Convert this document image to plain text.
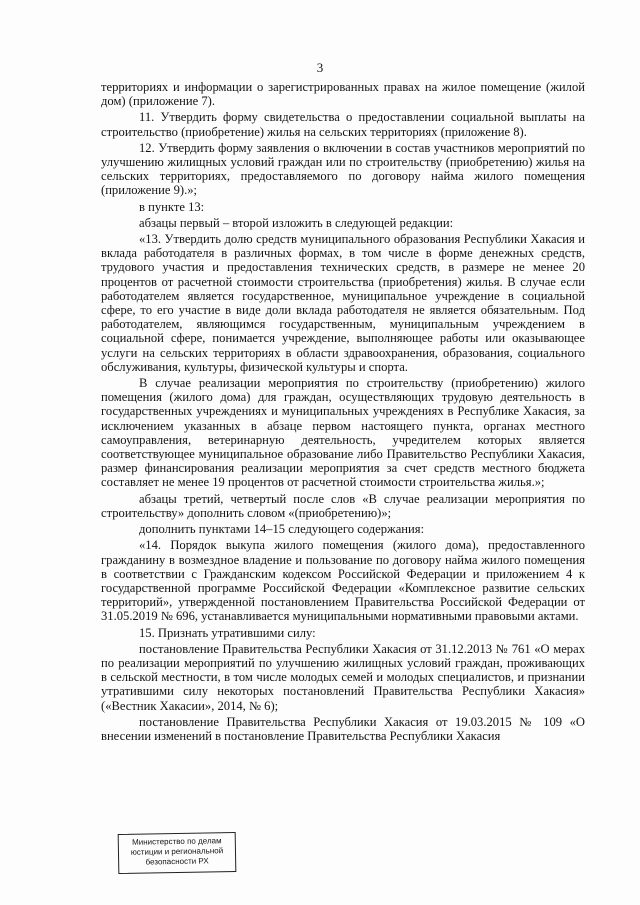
3

территориях и информации о зарегистрированных правах на жилое помещение (жилой дом) (приложение 7).

11. Утвердить форму свидетельства о предоставлении социальной выплаты на строительство (приобретение) жилья на сельских территориях (приложение 8).

12. Утвердить форму заявления о включении в состав участников мероприятий по улучшению жилищных условий граждан или по строительству (приобретению) жилья на сельских территориях, предоставляемого по договору найма жилого помещения (приложение 9).»;

в пункте 13:

абзацы первый – второй изложить в следующей редакции:

«13. Утвердить долю средств муниципального образования Республики Хакасия и вклада работодателя в различных формах, в том числе в форме денежных средств, трудового участия и предоставления технических средств, в размере не менее 20 процентов от расчетной стоимости строительства (приобретения) жилья. В случае если работодателем является государственное, муниципальное учреждение в социальной сфере, то его участие в виде доли вклада работодателя не является обязательным. Под работодателем, являющимся государственным, муниципальным учреждением в социальной сфере, понимается учреждение, выполняющее работы или оказывающее услуги на сельских территориях в области здравоохранения, образования, социального обслуживания, культуры, физической культуры и спорта.

В случае реализации мероприятия по строительству (приобретению) жилого помещения (жилого дома) для граждан, осуществляющих трудовую деятельность в государственных учреждениях и муниципальных учреждениях в Республике Хакасия, за исключением указанных в абзаце первом настоящего пункта, органах местного самоуправления, ветеринарную деятельность, учредителем которых является соответствующее муниципальное образование либо Правительство Республики Хакасия, размер финансирования реализации мероприятия за счет средств местного бюджета составляет не менее 19 процентов от расчетной стоимости строительства жилья.»;

абзацы третий, четвертый после слов «В случае реализации мероприятия по строительству» дополнить словом «(приобретению)»;

дополнить пунктами 14–15 следующего содержания:

«14. Порядок выкупа жилого помещения (жилого дома), предоставленного гражданину в возмездное владение и пользование по договору найма жилого помещения в соответствии с Гражданским кодексом Российской Федерации и приложением 4 к государственной программе Российской Федерации «Комплексное развитие сельских территорий», утвержденной постановлением Правительства Российской Федерации от 31.05.2019 № 696, устанавливается муниципальными нормативными правовыми актами.

15. Признать утратившими силу:

постановление Правительства Республики Хакасия от 31.12.2013 № 761 «О мерах по реализации мероприятий по улучшению жилищных условий граждан, проживающих в сельской местности, в том числе молодых семей и молодых специалистов, и признании утратившими силу некоторых постановлений Правительства Республики Хакасия» («Вестник Хакасии», 2014, № 6);

постановление Правительства Республики Хакасия от 19.03.2015 № 109 «О внесении изменений в постановление Правительства Республики Хакасия

Министерство по делам
юстиции и региональной
безопасности РХ
